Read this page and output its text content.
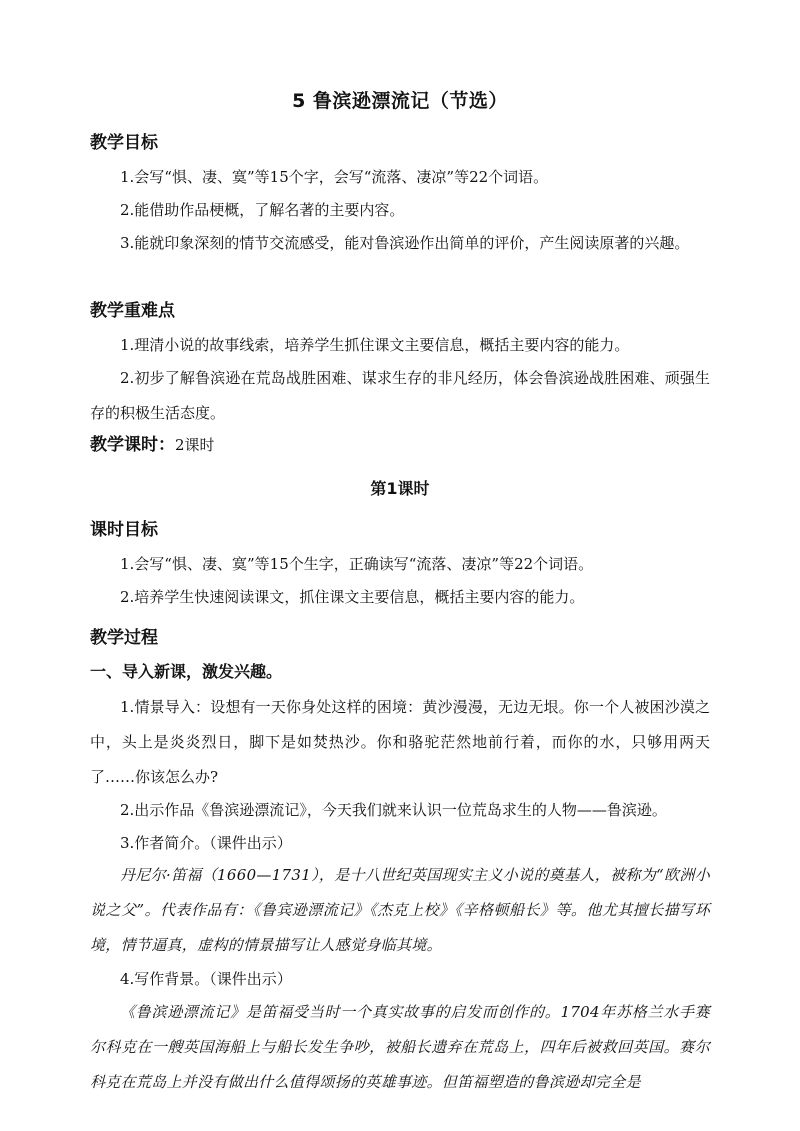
5 鲁滨逊漂流记（节选）
教学目标
1.会写“惧、凄、寞”等15个字，会写“流落、凄凉”等22个词语。
2.能借助作品梗概，了解名著的主要内容。
3.能就印象深刻的情节交流感受，能对鲁滨逊作出简单的评价，产生阅读原著的兴趣。
教学重难点
1.理清小说的故事线索，培养学生抓住课文主要信息，概括主要内容的能力。
2.初步了解鲁滨逊在荒岛战胜困难、谋求生存的非凡经历，体会鲁滨逊战胜困难、顽强生存的积极生活态度。
教学课时：2课时
第1课时
课时目标
1.会写“惧、凄、寞”等15个生字，正确读写“流落、凄凉”等22个词语。
2.培养学生快速阅读课文，抓住课文主要信息，概括主要内容的能力。
教学过程
一、导入新课，激发兴趣。
1.情景导入：设想有一天你身处这样的困境：黄沙漫漫，无边无垠。你一个人被困沙漠之中，头上是炎炎烈日，脚下是如焚热沙。你和骆驼茫然地前行着，而你的水，只够用两天了……你该怎么办?
2.出示作品《鲁滨逊漂流记》，今天我们就来认识一位荒岛求生的人物——鲁滨逊。
3.作者简介。（课件出示）
丹尼尔·笛福（1660—1731），是十八世纪英国现实主义小说的奠基人，被称为“欧洲小说之父”。代表作品有：《鲁宾逊漂流记》《杰克上校》《辛格顿船长》等。他尤其擅长描写环境，情节逼真，虚构的情景描写让人感觉身临其境。
4.写作背景。（课件出示）
《鲁滨逊漂流记》是笛福受当时一个真实故事的启发而创作的。1704年苏格兰水手赛尔科克在一艘英国海船上与船长发生争吵，被船长遗弃在荒岛上，四年后被救回英国。赛尔科克在荒岛上并没有做出什么值得颂扬的英雄事迹。但笛福塑造的鲁滨逊却完全是
